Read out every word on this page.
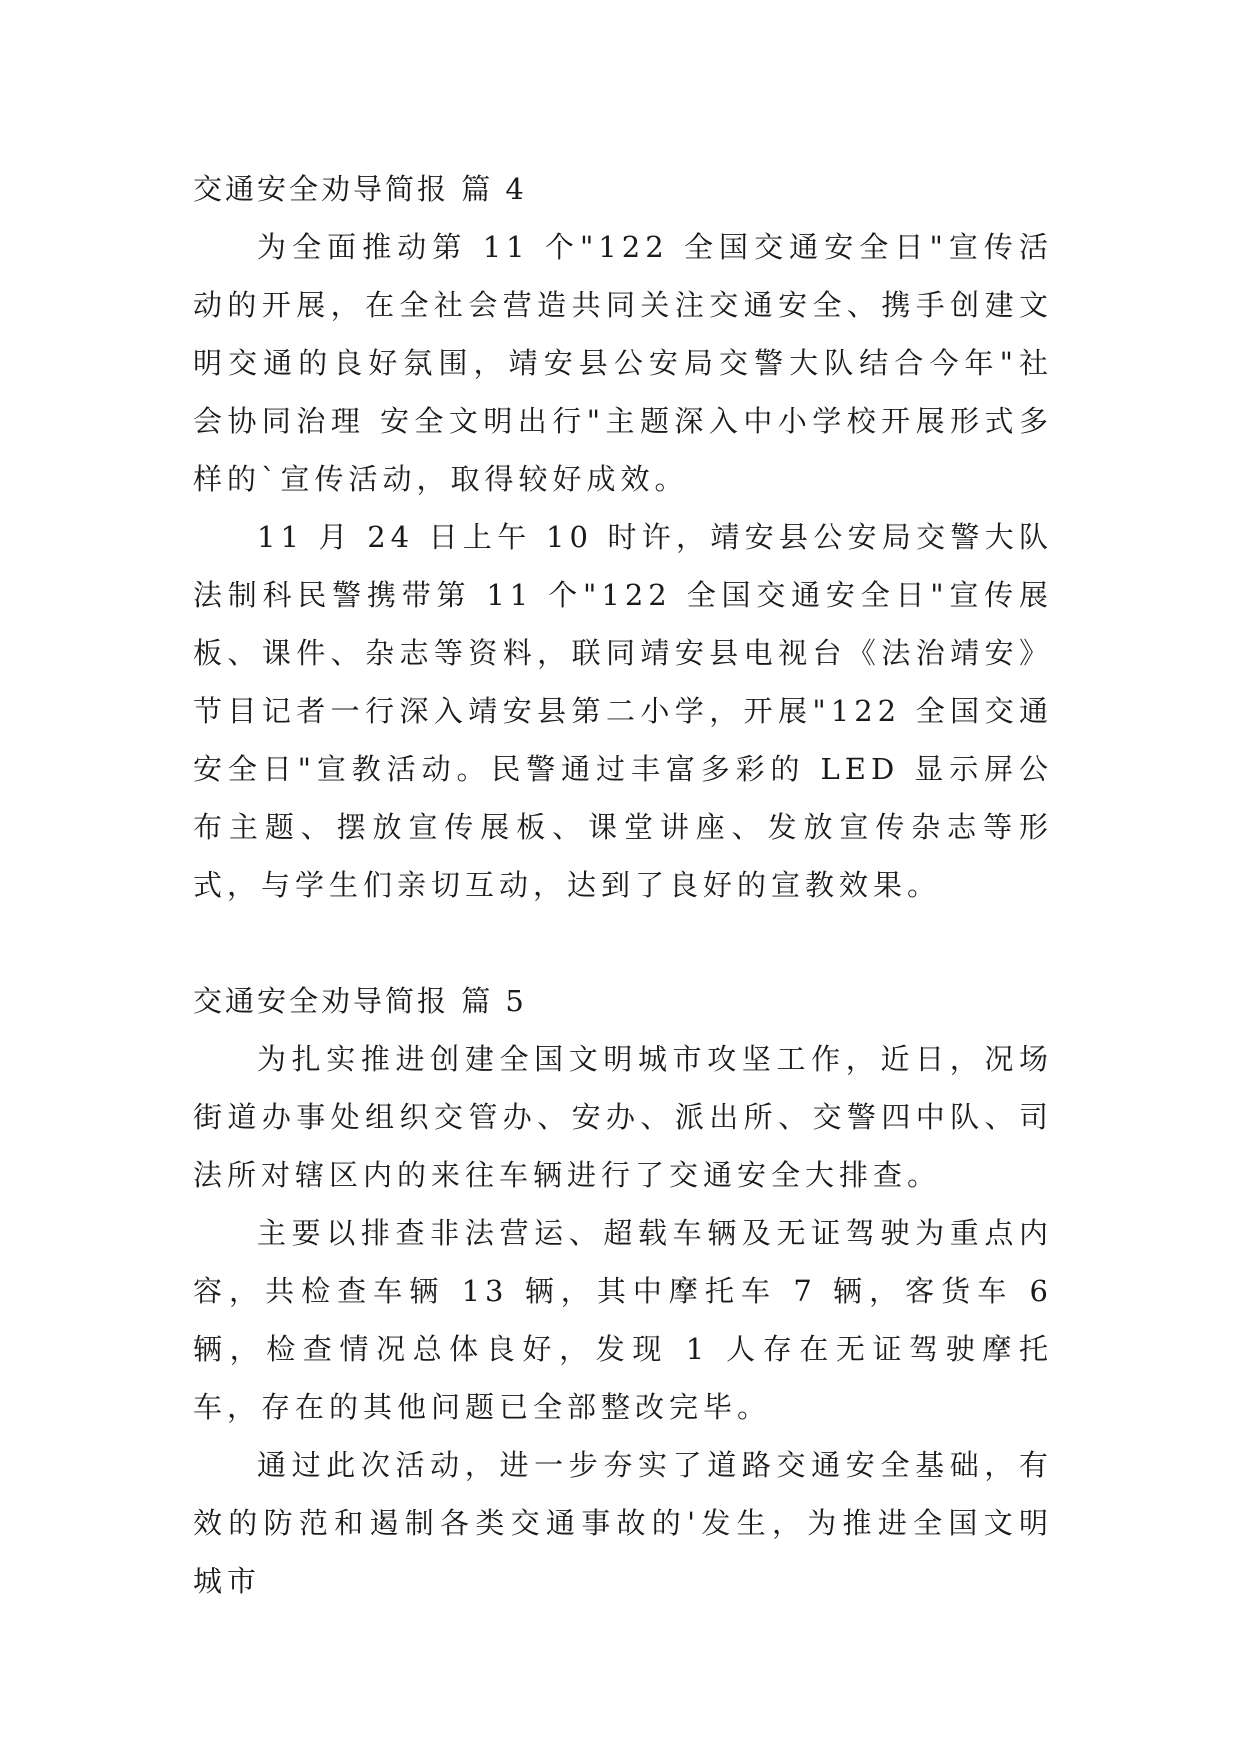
交通安全劝导简报 篇 4

为全面推动第 11 个"122 全国交通安全日"宣传活动的开展，在全社会营造共同关注交通安全、携手创建文明交通的良好氛围，靖安县公安局交警大队结合今年"社会协同治理 安全文明出行"主题深入中小学校开展形式多样的`宣传活动，取得较好成效。

11 月 24 日上午 10 时许，靖安县公安局交警大队法制科民警携带第 11 个"122 全国交通安全日"宣传展板、课件、杂志等资料，联同靖安县电视台《法治靖安》节目记者一行深入靖安县第二小学，开展"122 全国交通安全日"宣教活动。民警通过丰富多彩的 LED 显示屏公布主题、摆放宣传展板、课堂讲座、发放宣传杂志等形式，与学生们亲切互动，达到了良好的宣教效果。

交通安全劝导简报 篇 5

为扎实推进创建全国文明城市攻坚工作，近日，况场街道办事处组织交管办、安办、派出所、交警四中队、司法所对辖区内的来往车辆进行了交通安全大排查。

主要以排查非法营运、超载车辆及无证驾驶为重点内容，共检查车辆 13 辆，其中摩托车 7 辆，客货车 6 辆，检查情况总体良好，发现 1 人存在无证驾驶摩托车，存在的其他问题已全部整改完毕。

通过此次活动，进一步夯实了道路交通安全基础，有效的防范和遏制各类交通事故的'发生，为推进全国文明城市
